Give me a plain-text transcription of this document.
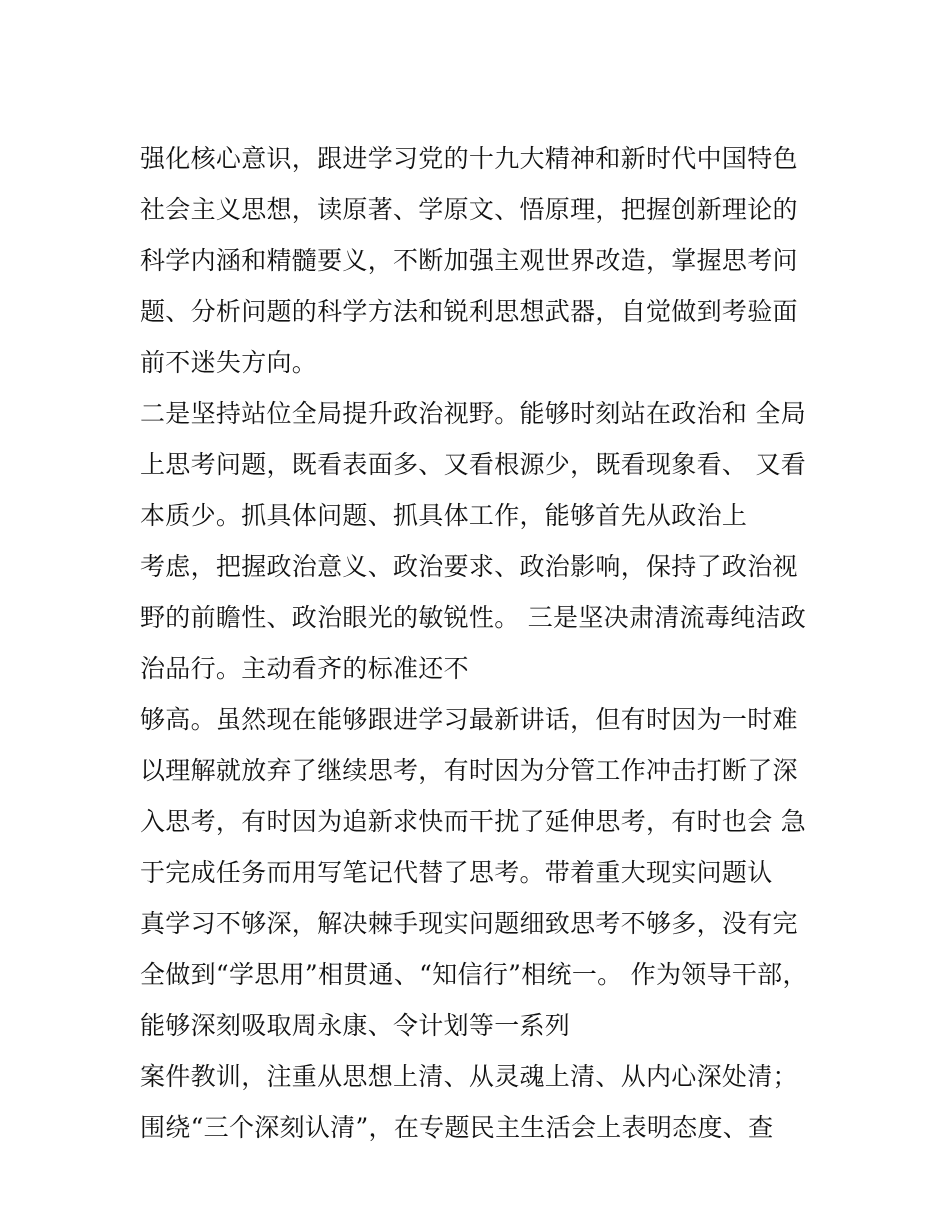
强化核心意识，跟进学习党的十九大精神和新时代中国特色
社会主义思想，读原著、学原文、悟原理，把握创新理论的
科学内涵和精髓要义，不断加强主观世界改造，掌握思考问
题、分析问题的科学方法和锐利思想武器，自觉做到考验面
前不迷失方向。
二是坚持站位全局提升政治视野。能够时刻站在政治和 全局
上思考问题，既看表面多、又看根源少，既看现象看、 又看
本质少。抓具体问题、抓具体工作，能够首先从政治上
考虑，把握政治意义、政治要求、政治影响，保持了政治视
野的前瞻性、政治眼光的敏锐性。 三是坚决肃清流毒纯洁政
治品行。主动看齐的标准还不
够高。虽然现在能够跟进学习最新讲话，但有时因为一时难
以理解就放弃了继续思考，有时因为分管工作冲击打断了深
入思考，有时因为追新求快而干扰了延伸思考，有时也会 急
于完成任务而用写笔记代替了思考。带着重大现实问题认
真学习不够深，解决棘手现实问题细致思考不够多，没有完
全做到“学思用”相贯通、“知信行”相统一。 作为领导干部，
能够深刻吸取周永康、令计划等一系列
案件教训，注重从思想上清、从灵魂上清、从内心深处清；
围绕“三个深刻认清”，在专题民主生活会上表明态度、查
